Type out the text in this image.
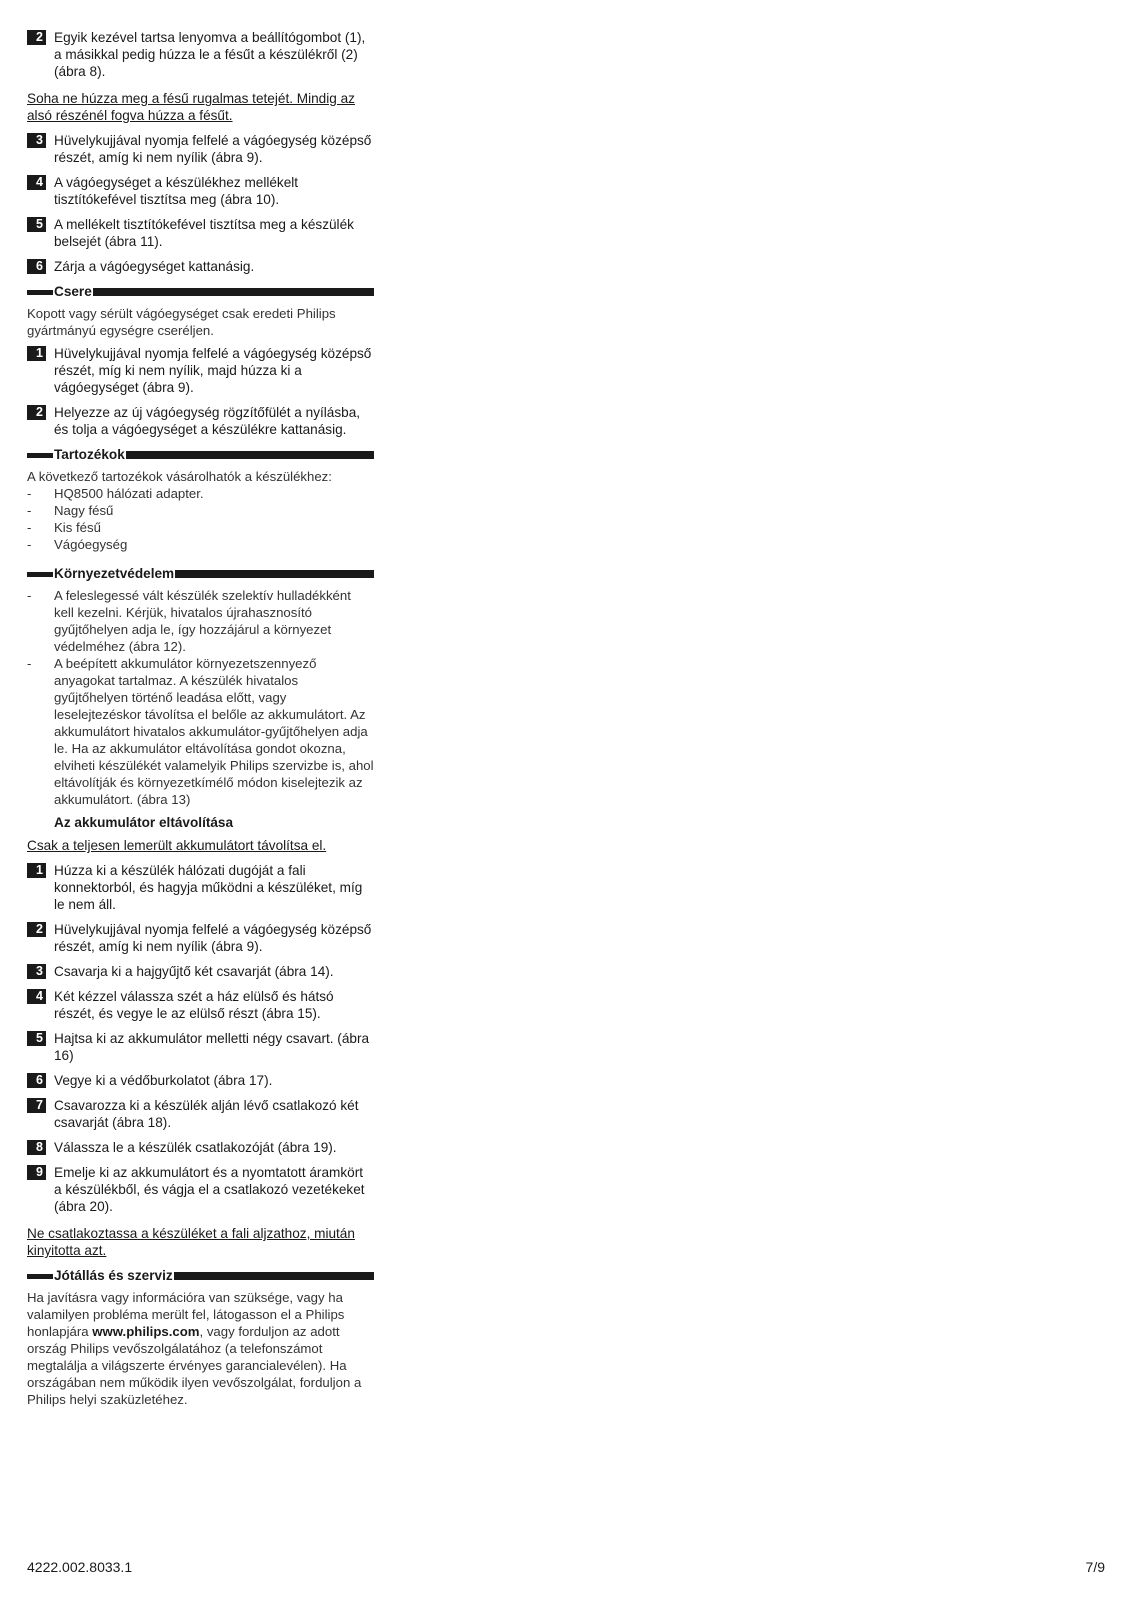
2 Egyik kezével tartsa lenyomva a beállítógombot (1), a másikkal pedig húzza le a fésűt a készülékről (2) (ábra 8).
Soha ne húzza meg a fésű rugalmas tetejét. Mindig az alsó részénél fogva húzza a fésűt.
3 Hüvelykujjával nyomja felfelé a vágóegység középső részét, amíg ki nem nyílik (ábra 9).
4 A vágóegységet a készülékhez mellékelt tisztítókefével tisztítsa meg (ábra 10).
5 A mellékelt tisztítókefével tisztítsa meg a készülék belsejét (ábra 11).
6 Zárja a vágóegységet kattanásig.
Csere
Kopott vagy sérült vágóegységet csak eredeti Philips gyártmányú egységre cseréljen.
1 Hüvelykujjával nyomja felfelé a vágóegység középső részét, míg ki nem nyílik, majd húzza ki a vágóegységet (ábra 9).
2 Helyezze az új vágóegység rögzítőfülét a nyílásba, és tolja a vágóegységet a készülékre kattanásig.
Tartozékok
A következő tartozékok vásárolhatók a készülékhez:
- HQ8500 hálózati adapter.
- Nagy fésű
- Kis fésű
- Vágóegység
Környezetvédelem
- A feleslegessé vált készülék szelektív hulladékként kell kezelni. Kérjük, hivatalos újrahasznosító gyűjtőhelyen adja le, így hozzájárul a környezet védelméhez (ábra 12).
- A beépített akkumulátor környezetszennyező anyagokat tartalmaz. A készülék hivatalos gyűjtőhelyen történő leadása előtt, vagy leselejtezéskor távolítsa el belőle az akkumulátort. Az akkumulátort hivatalos akkumulátor-gyűjtőhelyen adja le. Ha az akkumulátor eltávolítása gondot okozna, elviheti készülékét valamelyik Philips szervizbe is, ahol eltávolítják és környezetkímélő módon kiselejtezik az akkumulátort. (ábra 13)
Az akkumulátor eltávolítása
Csak a teljesen lemerült akkumulátort távolítsa el.
1 Húzza ki a készülék hálózati dugóját a fali konnektorból, és hagyja működni a készüléket, míg le nem áll.
2 Hüvelykujjával nyomja felfelé a vágóegység középső részét, amíg ki nem nyílik (ábra 9).
3 Csavarja ki a hajgyűjtő két csavarját (ábra 14).
4 Két kézzel válassza szét a ház elülső és hátsó részét, és vegye le az elülső részt (ábra 15).
5 Hajtsa ki az akkumulátor melletti négy csavart. (ábra 16)
6 Vegye ki a védőburkolatot (ábra 17).
7 Csavarozza ki a készülék alján lévő csatlakozó két csavarját (ábra 18).
8 Válassza le a készülék csatlakozóját (ábra 19).
9 Emelje ki az akkumulátort és a nyomtatott áramkört a készülékből, és vágja el a csatlakozó vezetékeket (ábra 20).
Ne csatlakoztassa a készüléket a fali aljzathoz, miután kinyitotta azt.
Jótállás és szerviz
Ha javításra vagy információra van szüksége, vagy ha valamilyen probléma merült fel, látogasson el a Philips honlapjára www.philips.com, vagy forduljon az adott ország Philips vevőszolgálatához (a telefonszámot megtalálja a világszerte érvényes garancialevélen). Ha országában nem működik ilyen vevőszolgálat, forduljon a Philips helyi szaküzletéhez.
4222.002.8033.1	7/9
